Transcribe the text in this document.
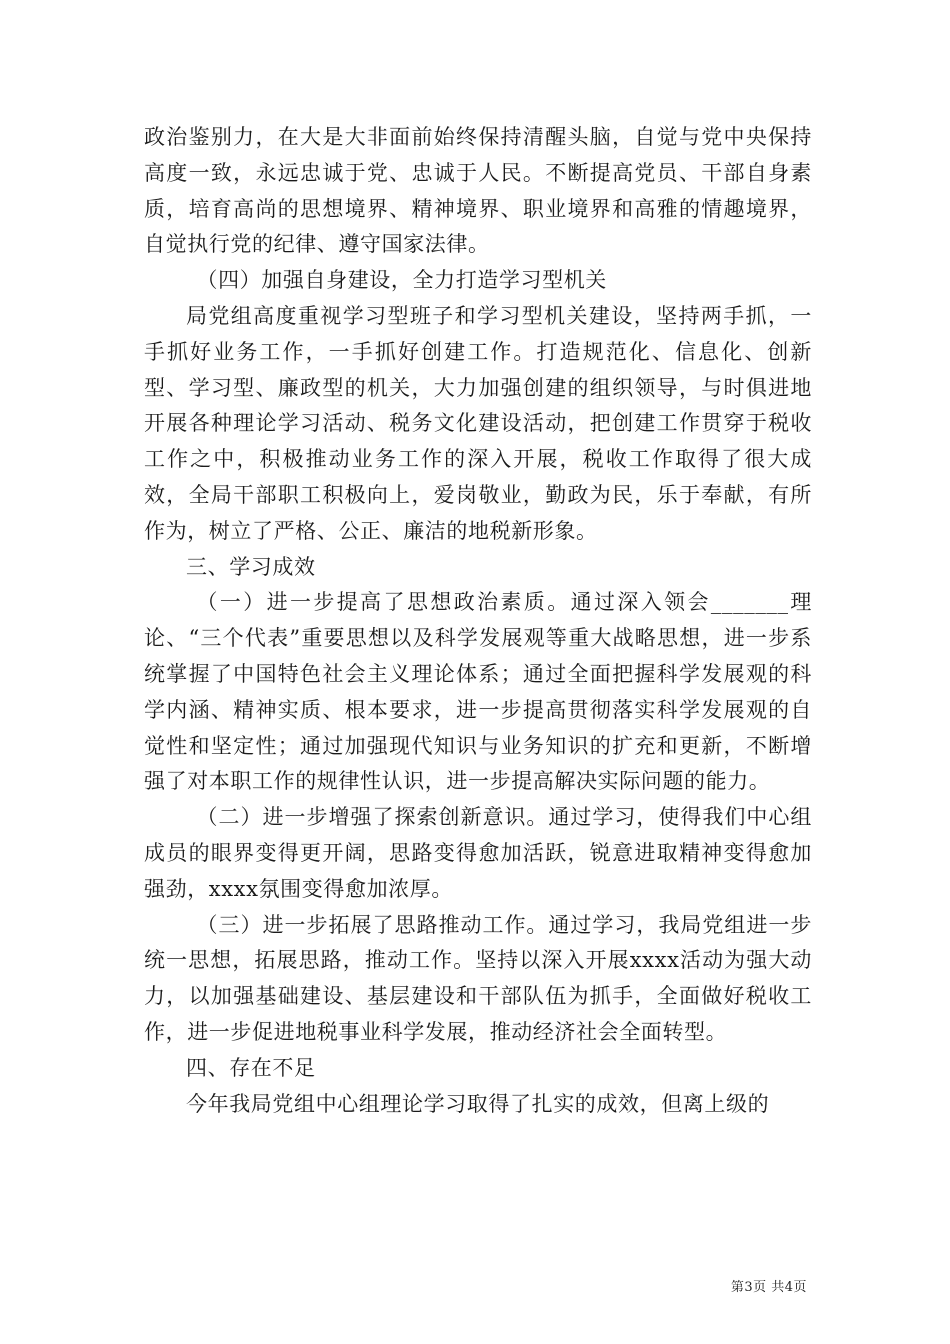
政治鉴别力，在大是大非面前始终保持清醒头脑，自觉与党中央保持高度一致，永远忠诚于党、忠诚于人民。不断提高党员、干部自身素质，培育高尚的思想境界、精神境界、职业境界和高雅的情趣境界，自觉执行党的纪律、遵守国家法律。

（四）加强自身建设，全力打造学习型机关

局党组高度重视学习型班子和学习型机关建设，坚持两手抓，一手抓好业务工作，一手抓好创建工作。打造规范化、信息化、创新型、学习型、廉政型的机关，大力加强创建的组织领导，与时俱进地开展各种理论学习活动、税务文化建设活动，把创建工作贯穿于税收工作之中，积极推动业务工作的深入开展，税收工作取得了很大成效，全局干部职工积极向上，爱岗敬业，勤政为民，乐于奉献，有所作为，树立了严格、公正、廉洁的地税新形象。

三、学习成效

（一）进一步提高了思想政治素质。通过深入领会_______理论、“三个代表”重要思想以及科学发展观等重大战略思想，进一步系统掌握了中国特色社会主义理论体系；通过全面把握科学发展观的科学内涵、精神实质、根本要求，进一步提高贯彻落实科学发展观的自觉性和坚定性；通过加强现代知识与业务知识的扩充和更新，不断增强了对本职工作的规律性认识，进一步提高解决实际问题的能力。

（二）进一步增强了探索创新意识。通过学习，使得我们中心组成员的眼界变得更开阔，思路变得愈加活跃，锐意进取精神变得愈加强劲，xxxx氛围变得愈加浓厚。

（三）进一步拓展了思路推动工作。通过学习，我局党组进一步统一思想，拓展思路，推动工作。坚持以深入开展xxxx活动为强大动力，以加强基础建设、基层建设和干部队伍为抓手，全面做好税收工作，进一步促进地税事业科学发展，推动经济社会全面转型。

四、存在不足

今年我局党组中心组理论学习取得了扎实的成效，但离上级的

第3页 共4页
